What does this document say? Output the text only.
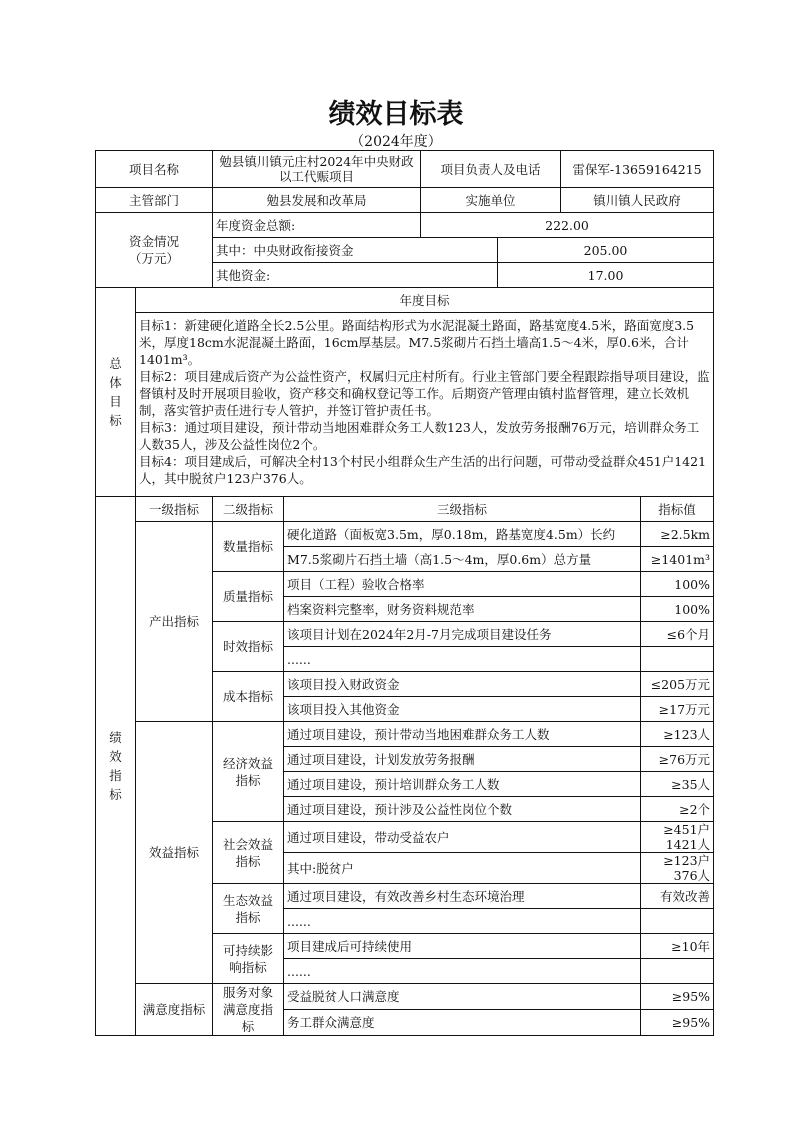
绩效目标表
（2024年度）
项目名称		勉县镇川镇元庄村2024年中央财政以工代赈项目		项目负责人及电话		雷保军-13659164215	
主管部门		勉县发展和改革局		实施单位		镇川镇人民政府	

资金情况（万元）		年度资金总额:		222.00			
		其中：中央财政衔接资金			205.00		
		其他资金:			17.00		

总体目标	年度目标						

	目标1：新建硬化道路全长2.5公里。路面结构形式为水泥混凝土路面，路基宽度4.5米，路面宽度3.5米，厚度18cm水泥混凝土路面，16cm厚基层。M7.5浆砌片石挡土墙高1.5～4米，厚0.6米，合计1401m³。
目标2：项目建成后资产为公益性资产，权属归元庄村所有。行业主管部门要全程跟踪指导项目建设，监督镇村及时开展项目验收，资产移交和确权登记等工作。后期资产管理由镇村监督管理，建立长效机制，落实管护责任进行专人管护，并签订管护责任书。
目标3：通过项目建设，预计带动当地困难群众务工人数123人，发放劳务报酬76万元，培训群众务工人数35人，涉及公益性岗位2个。
目标4：项目建成后，可解决全村13个村民小组群众生产生活的出行问题，可带动受益群众451户1421人，其中脱贫户123户376人。						

绩效指标	一级指标	二级指标	三级指标				指标值
	产出指标	数量指标	硬化道路（面板宽3.5m，厚0.18m，路基宽度4.5m）长约				≥2.5km
			M7.5浆砌片石挡土墙（高1.5～4m，厚0.6m）总方量				≥1401m³

		质量指标	项目（工程）验收合格率				100%
			档案资料完整率，财务资料规范率				100%

		时效指标	该项目计划在2024年2月-7月完成项目建设任务				≤6个月
			......				

		成本指标	该项目投入财政资金				≤205万元
			该项目投入其他资金				≥17万元
	效益指标	经济效益指标	通过项目建设，预计带动当地困难群众务工人数				≥123人
			通过项目建设，计划发放劳务报酬				≥76万元
			通过项目建设，预计培训群众务工人数				≥35人
			通过项目建设，预计涉及公益性岗位个数				≥2个

		社会效益指标	通过项目建设，带动受益农户				≥451户1421人
			其中:脱贫户				≥123户376人

		生态效益指标	通过项目建设，有效改善乡村生态环境治理				有效改善
			......				

		可持续影响指标	项目建成后可持续使用				≥10年
			......				
	满意度指标	服务对象满意度指标	受益脱贫人口满意度				≥95%
			务工群众满意度				≥95%
